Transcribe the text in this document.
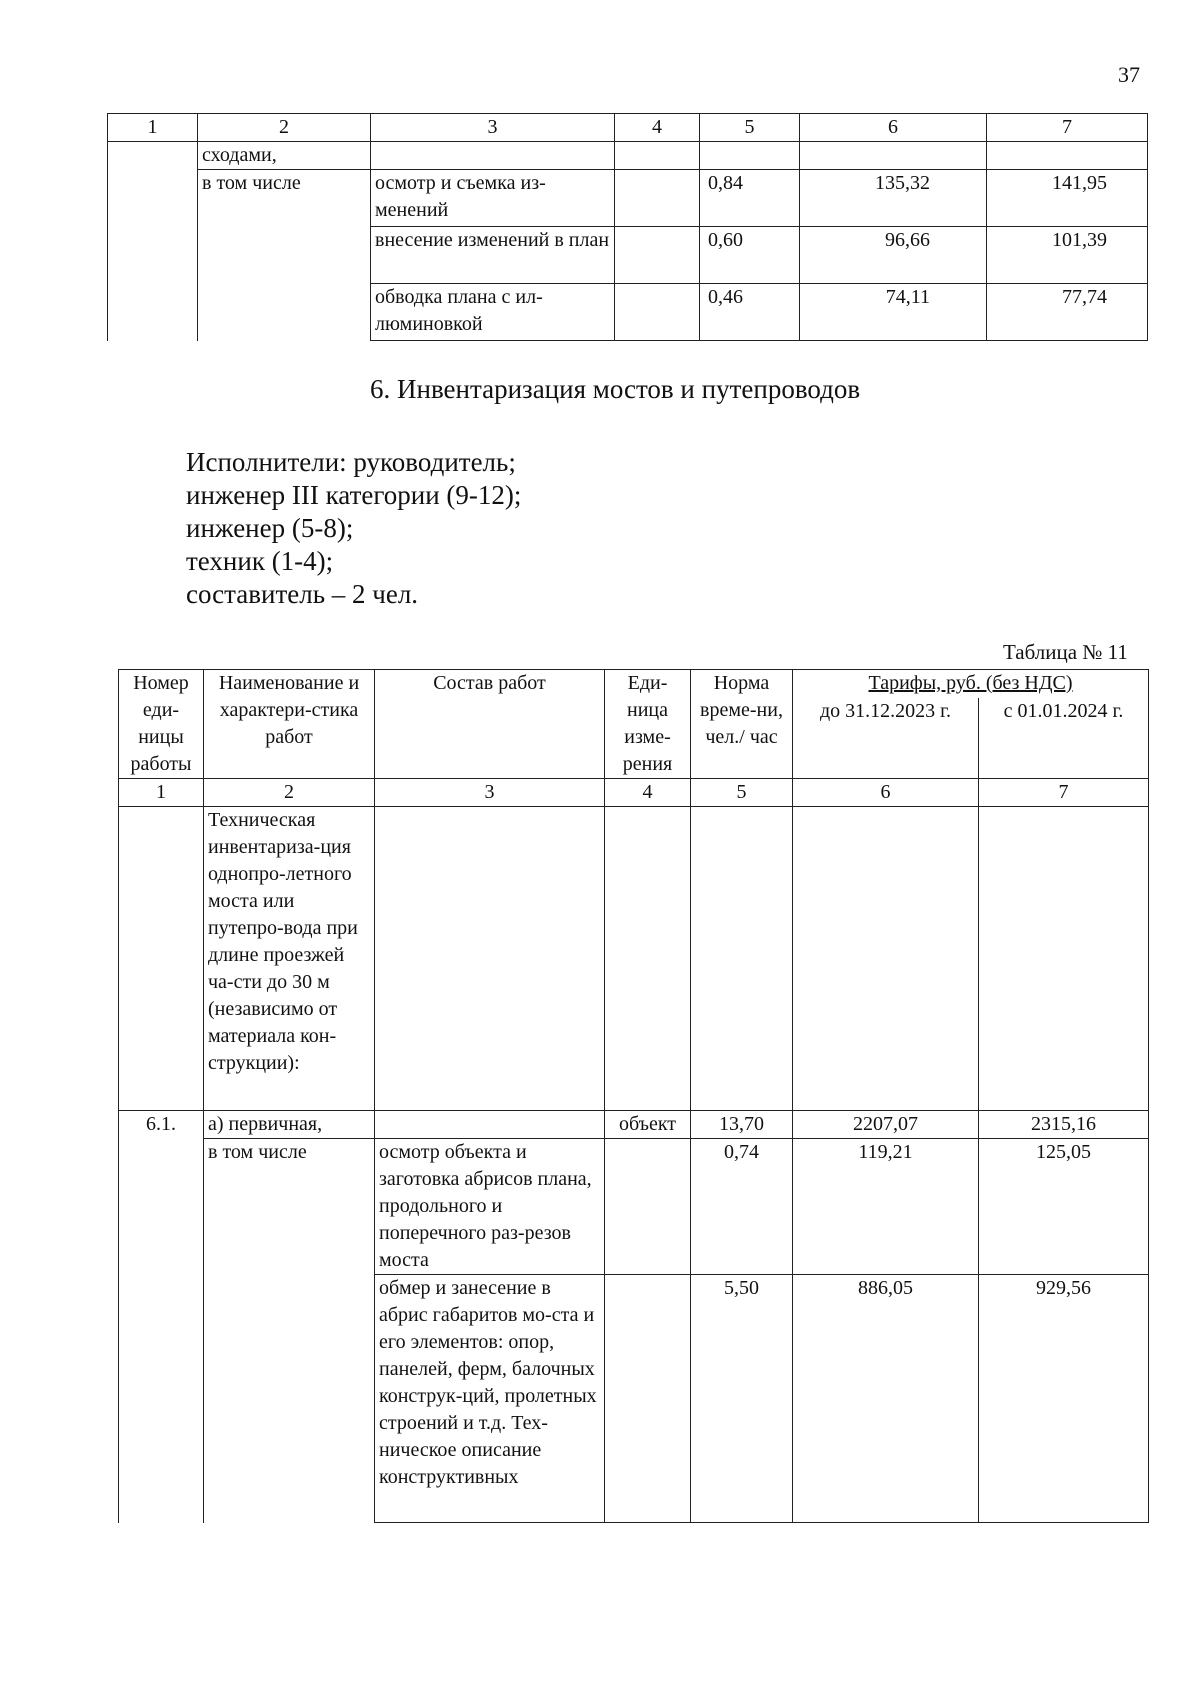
37
1	2	3	4	5	6	7
	сходами,					
	в том числе	осмотр и съемка из-менений		0,84	135,32	141,95
		внесение изменений в план		0,60	96,66	101,39
		обводка плана с ил-люминовкой		0,46	74,11	77,74
6. Инвентаризация мостов и путепроводов
Исполнители: руководитель;
инженер III категории (9-12);
инженер (5-8);
техник (1-4);
составитель – 2 чел.
Таблица № 11
Номер еди-ницы работы	Наименование и характери-стика работ	Состав работ	Еди-ница изме-рения	Норма време-ни, чел./ час	Тарифы, руб. (без НДС)	
					до 31.12.2023 г.	с 01.01.2024 г.
1	2	3	4	5	6	7
	Техническая инвентариза-ция однопро-летного моста или путепро-вода при длине проезжей ча-сти до 30 м (независимо от материала кон-струкции):					
6.1.	а) первичная,		объект	13,70	2207,07	2315,16
	в том числе	осмотр объекта и заготовка абрисов плана, продольного и поперечного раз-резов моста		0,74	119,21	125,05
		обмер и занесение в абрис габаритов мо-ста и его элементов: опор, панелей, ферм, балочных конструк-ций, пролетных строений и т.д. Тех-ническое описание конструктивных		5,50	886,05	929,56
